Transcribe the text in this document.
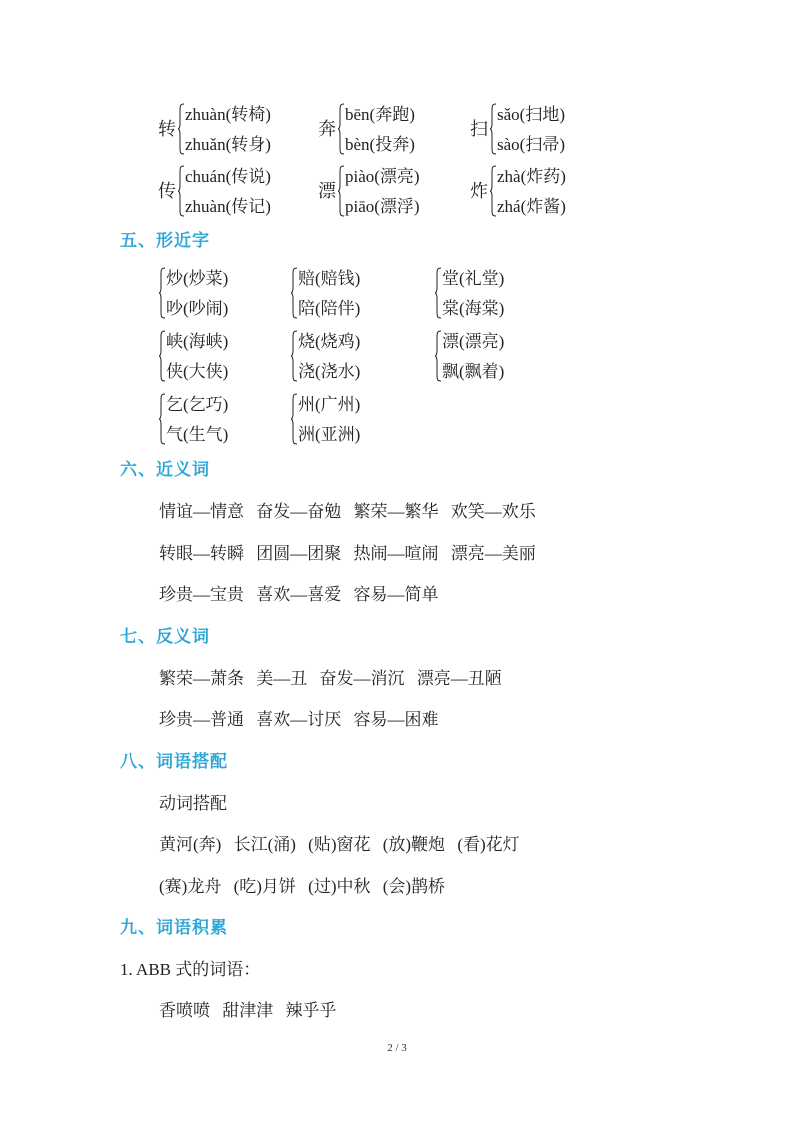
转
zhuàn(转椅)
zhuǎn(转身)
奔
bēn(奔跑)
bèn(投奔)
扫
sǎo(扫地)
sào(扫帚)
传
chuán(传说)
zhuàn(传记)
漂
piào(漂亮)
piāo(漂浮)
炸
zhà(炸药)
zhá(炸酱)
五、形近字
炒(炒菜)
吵(吵闹)
赔(赔钱)
陪(陪伴)
堂(礼堂)
棠(海棠)
峡(海峡)
侠(大侠)
烧(烧鸡)
浇(浇水)
漂(漂亮)
飘(飘着)
乞(乞巧)
气(生气)
州(广州)
洲(亚洲)
六、近义词
情谊—情意 奋发—奋勉 繁荣—繁华 欢笑—欢乐
转眼—转瞬 团圆—团聚 热闹—喧闹 漂亮—美丽
珍贵—宝贵 喜欢—喜爱 容易—简单
七、反义词
繁荣—萧条 美—丑 奋发—消沉 漂亮—丑陋
珍贵—普通 喜欢—讨厌 容易—困难
八、词语搭配
动词搭配
黄河(奔) 长江(涌) (贴)窗花 (放)鞭炮 (看)花灯
(赛)龙舟 (吃)月饼 (过)中秋 (会)鹊桥
九、词语积累
1. ABB 式的词语：
香喷喷 甜津津 辣乎乎
2 / 3
